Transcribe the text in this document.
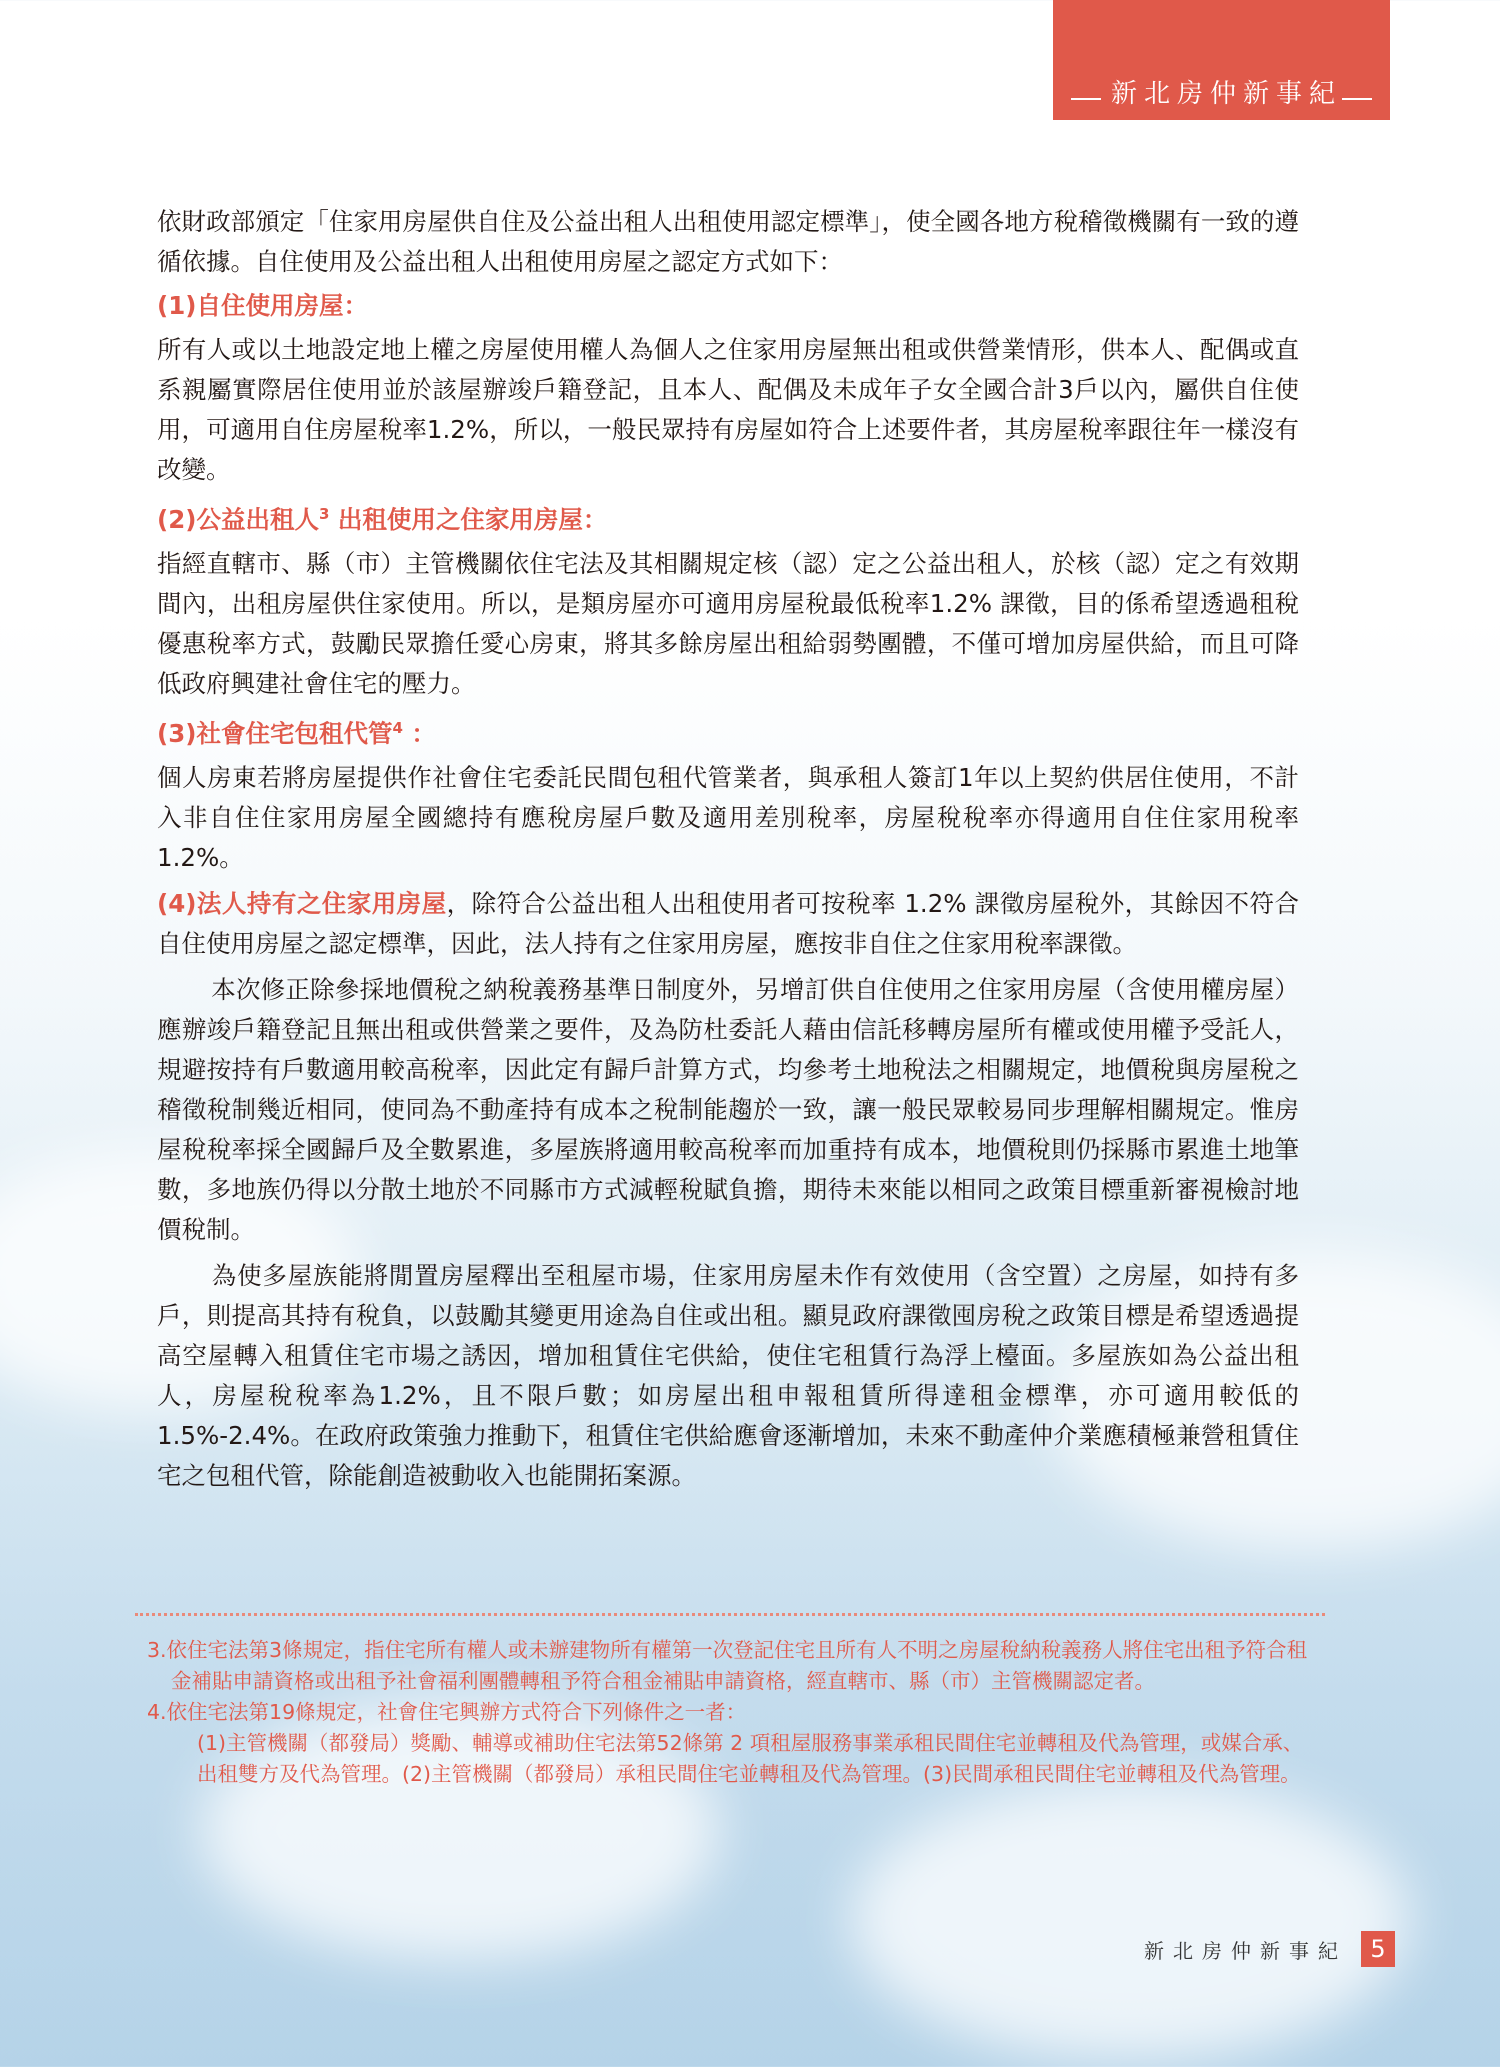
新北房仲新事紀

依財政部頒定「住家用房屋供自住及公益出租人出租使用認定標準」，使全國各地方稅稽徵機關有一致的遵循依據。自住使用及公益出租人出租使用房屋之認定方式如下：

(1)自住使用房屋：

所有人或以土地設定地上權之房屋使用權人為個人之住家用房屋無出租或供營業情形，供本人、配偶或直系親屬實際居住使用並於該屋辦竣戶籍登記，且本人、配偶及未成年子女全國合計3戶以內，屬供自住使用，可適用自住房屋稅率1.2%，所以，一般民眾持有房屋如符合上述要件者，其房屋稅率跟往年一樣沒有改變。

(2)公益出租人$^3$ 出租使用之住家用房屋：

指經直轄市、縣（市）主管機關依住宅法及其相關規定核（認）定之公益出租人，於核（認）定之有效期間內，出租房屋供住家使用。所以，是類房屋亦可適用房屋稅最低稅率1.2% 課徵，目的係希望透過租稅優惠稅率方式，鼓勵民眾擔任愛心房東，將其多餘房屋出租給弱勢團體，不僅可增加房屋供給，而且可降低政府興建社會住宅的壓力。

(3)社會住宅包租代管$^4$ ：

個人房東若將房屋提供作社會住宅委託民間包租代管業者，與承租人簽訂1年以上契約供居住使用，不計入非自住住家用房屋全國總持有應稅房屋戶數及適用差別稅率，房屋稅稅率亦得適用自住住家用稅率1.2%。

(4)法人持有之住家用房屋，除符合公益出租人出租使用者可按稅率 1.2% 課徵房屋稅外，其餘因不符合自住使用房屋之認定標準，因此，法人持有之住家用房屋，應按非自住之住家用稅率課徵。

本次修正除參採地價稅之納稅義務基準日制度外，另增訂供自住使用之住家用房屋（含使用權房屋）應辦竣戶籍登記且無出租或供營業之要件，及為防杜委託人藉由信託移轉房屋所有權或使用權予受託人，規避按持有戶數適用較高稅率，因此定有歸戶計算方式，均參考土地稅法之相關規定，地價稅與房屋稅之稽徵稅制幾近相同，使同為不動產持有成本之稅制能趨於一致，讓一般民眾較易同步理解相關規定。惟房屋稅稅率採全國歸戶及全數累進，多屋族將適用較高稅率而加重持有成本，地價稅則仍採縣市累進土地筆數，多地族仍得以分散土地於不同縣市方式減輕稅賦負擔，期待未來能以相同之政策目標重新審視檢討地價稅制。

為使多屋族能將閒置房屋釋出至租屋市場，住家用房屋未作有效使用（含空置）之房屋，如持有多戶，則提高其持有稅負，以鼓勵其變更用途為自住或出租。顯見政府課徵囤房稅之政策目標是希望透過提高空屋轉入租賃住宅市場之誘因，增加租賃住宅供給，使住宅租賃行為浮上檯面。多屋族如為公益出租人，房屋稅稅率為1.2%，且不限戶數；如房屋出租申報租賃所得達租金標準，亦可適用較低的1.5%-2.4%。在政府政策強力推動下，租賃住宅供給應會逐漸增加，未來不動產仲介業應積極兼營租賃住宅之包租代管，除能創造被動收入也能開拓案源。

3.依住宅法第3條規定，指住宅所有權人或未辦建物所有權第一次登記住宅且所有人不明之房屋稅納稅義務人將住宅出租予符合租金補貼申請資格或出租予社會福利團體轉租予符合租金補貼申請資格，經直轄市、縣（市）主管機關認定者。

4.依住宅法第19條規定，社會住宅興辦方式符合下列條件之一者：

(1)主管機關（都發局）獎勵、輔導或補助住宅法第52條第 2 項租屋服務事業承租民間住宅並轉租及代為管理，或媒合承、出租雙方及代為管理。(2)主管機關（都發局）承租民間住宅並轉租及代為管理。(3)民間承租民間住宅並轉租及代為管理。

新北房仲新事紀 5
